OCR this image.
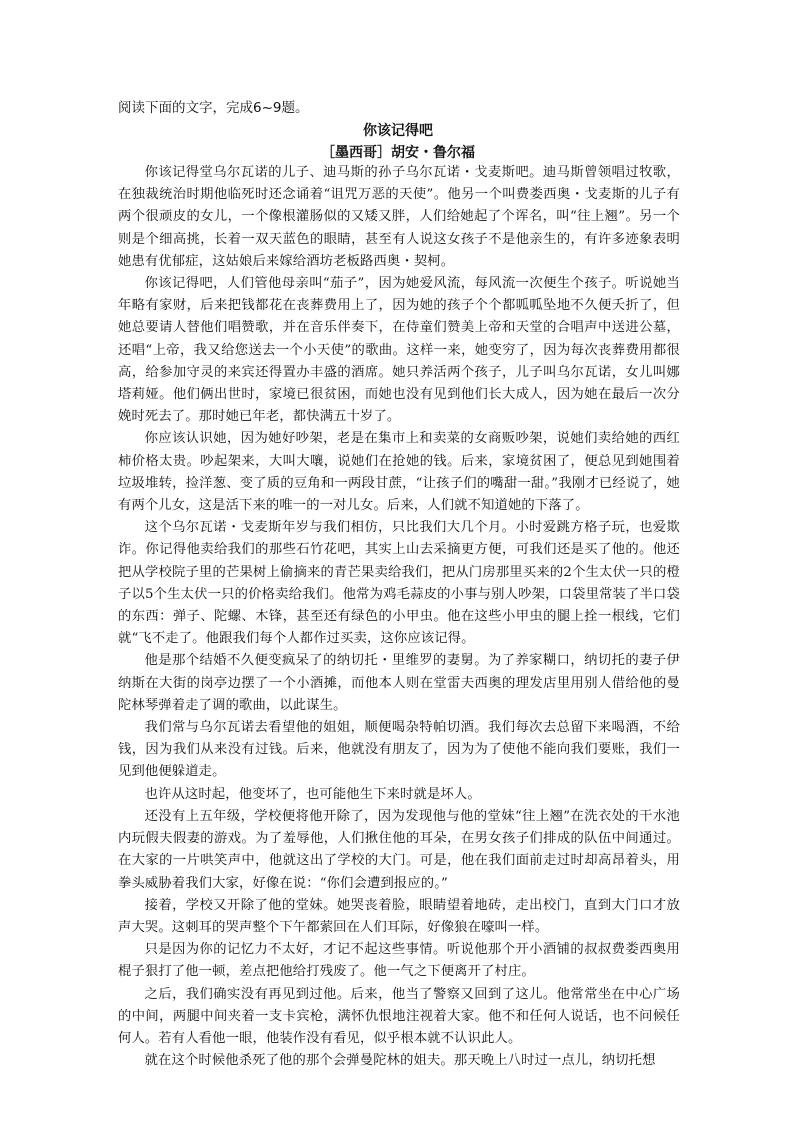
阅读下面的文字，完成6~9题。
你该记得吧
［墨西哥］胡安・鲁尔福

你该记得堂乌尔瓦诺的儿子、迪马斯的孙子乌尔瓦诺・戈麦斯吧。迪马斯曾领唱过牧歌，在独裁统治时期他临死时还念诵着“诅咒万恶的天使”。他另一个叫费娄西奥・戈麦斯的儿子有两个很顽皮的女儿，一个像根灌肠似的又矮又胖，人们给她起了个诨名，叫“往上翘”。另一个则是个细高挑，长着一双天蓝色的眼睛，甚至有人说这女孩子不是他亲生的，有许多迹象表明她患有优郁症，这姑娘后来嫁给酒坊老板路西奥・契柯。

你该记得吧，人们管他母亲叫“茄子”，因为她爱风流，每风流一次便生个孩子。听说她当年略有家财，后来把钱都花在丧葬费用上了，因为她的孩子个个都呱呱坠地不久便夭折了，但她总要请人替他们唱赞歌，并在音乐伴奏下，在侍童们赞美上帝和天堂的合唱声中送进公墓，还唱“上帝，我又给您送去一个小天使”的歌曲。这样一来，她变穷了，因为每次丧葬费用都很高，给参加守灵的来宾还得置办丰盛的酒席。她只养活两个孩子，儿子叫乌尔瓦诺，女儿叫娜塔莉娅。他们俩出世时，家境已很贫困，而她也没有见到他们长大成人，因为她在最后一次分娩时死去了。那时她已年老，都快满五十岁了。

你应该认识她，因为她好吵架，老是在集市上和卖菜的女商贩吵架，说她们卖给她的西红柿价格太贵。吵起架来，大叫大嚷，说她们在抢她的钱。后来，家境贫困了，便总见到她围着垃圾堆转，捡洋葱、变了质的豆角和一两段甘蔗，“让孩子们的嘴甜一甜。”我刚才已经说了，她有两个儿女，这是活下来的唯一的一对儿女。后来，人们就不知道她的下落了。

这个乌尔瓦诺・戈麦斯年岁与我们相仿，只比我们大几个月。小时爱跳方格子玩，也爱欺诈。你记得他卖给我们的那些石竹花吧，其实上山去采摘更方便，可我们还是买了他的。他还把从学校院子里的芒果树上偷摘来的青芒果卖给我们，把从门房那里买来的2个生太伏一只的橙子以5个生太伏一只的价格卖给我们。他常为鸡毛蒜皮的小事与别人吵架，口袋里常装了半口袋的东西：弹子、陀螺、木锋，甚至还有绿色的小甲虫。他在这些小甲虫的腿上拴一根线，它们就“飞不走了。他跟我们每个人都作过买卖，这你应该记得。

他是那个结婚不久便变疯呆了的纳切托・里维罗的妻舅。为了养家糊口，纳切托的妻子伊纳斯在大街的岗亭边摆了一个小酒摊，而他本人则在堂雷夫西奥的理发店里用别人借给他的曼陀林琴弹着走了调的歌曲，以此谋生。

我们常与乌尔瓦诺去看望他的姐姐，顺便喝杂特帕切酒。我们每次去总留下来喝酒，不给钱，因为我们从来没有过钱。后来，他就没有朋友了，因为为了使他不能向我们要账，我们一见到他便躲道走。

也许从这时起，他变坏了，也可能他生下来时就是坏人。

还没有上五年级，学校便将他开除了，因为发现他与他的堂妹“往上翘”在洗衣处的干水池内玩假夫假妻的游戏。为了羞辱他，人们揪住他的耳朵，在男女孩子们排成的队伍中间通过。在大家的一片哄笑声中，他就这出了学校的大门。可是，他在我们面前走过时却高昂着头，用拳头威胁着我们大家，好像在说：“你们会遭到报应的。”

接着，学校又开除了他的堂妹。她哭丧着脸，眼睛望着地砖，走出校门，直到大门口才放声大哭。这刺耳的哭声整个下午都萦回在人们耳际，好像狼在嚎叫一样。

只是因为你的记忆力不太好，才记不起这些事情。听说他那个开小酒铺的叔叔费娄西奥用棍子狠打了他一顿，差点把他给打残废了。他一气之下便离开了村庄。

之后，我们确实没有再见到过他。后来，他当了警察又回到了这儿。他常常坐在中心广场的中间，两腿中间夹着一支卡宾枪，满怀仇恨地注视着大家。他不和任何人说话，也不问候任何人。若有人看他一眼，他装作没有看见，似乎根本就不认识此人。

就在这个时候他杀死了他的那个会弹曼陀林的姐夫。那天晚上八时过一点儿，纳切托想
